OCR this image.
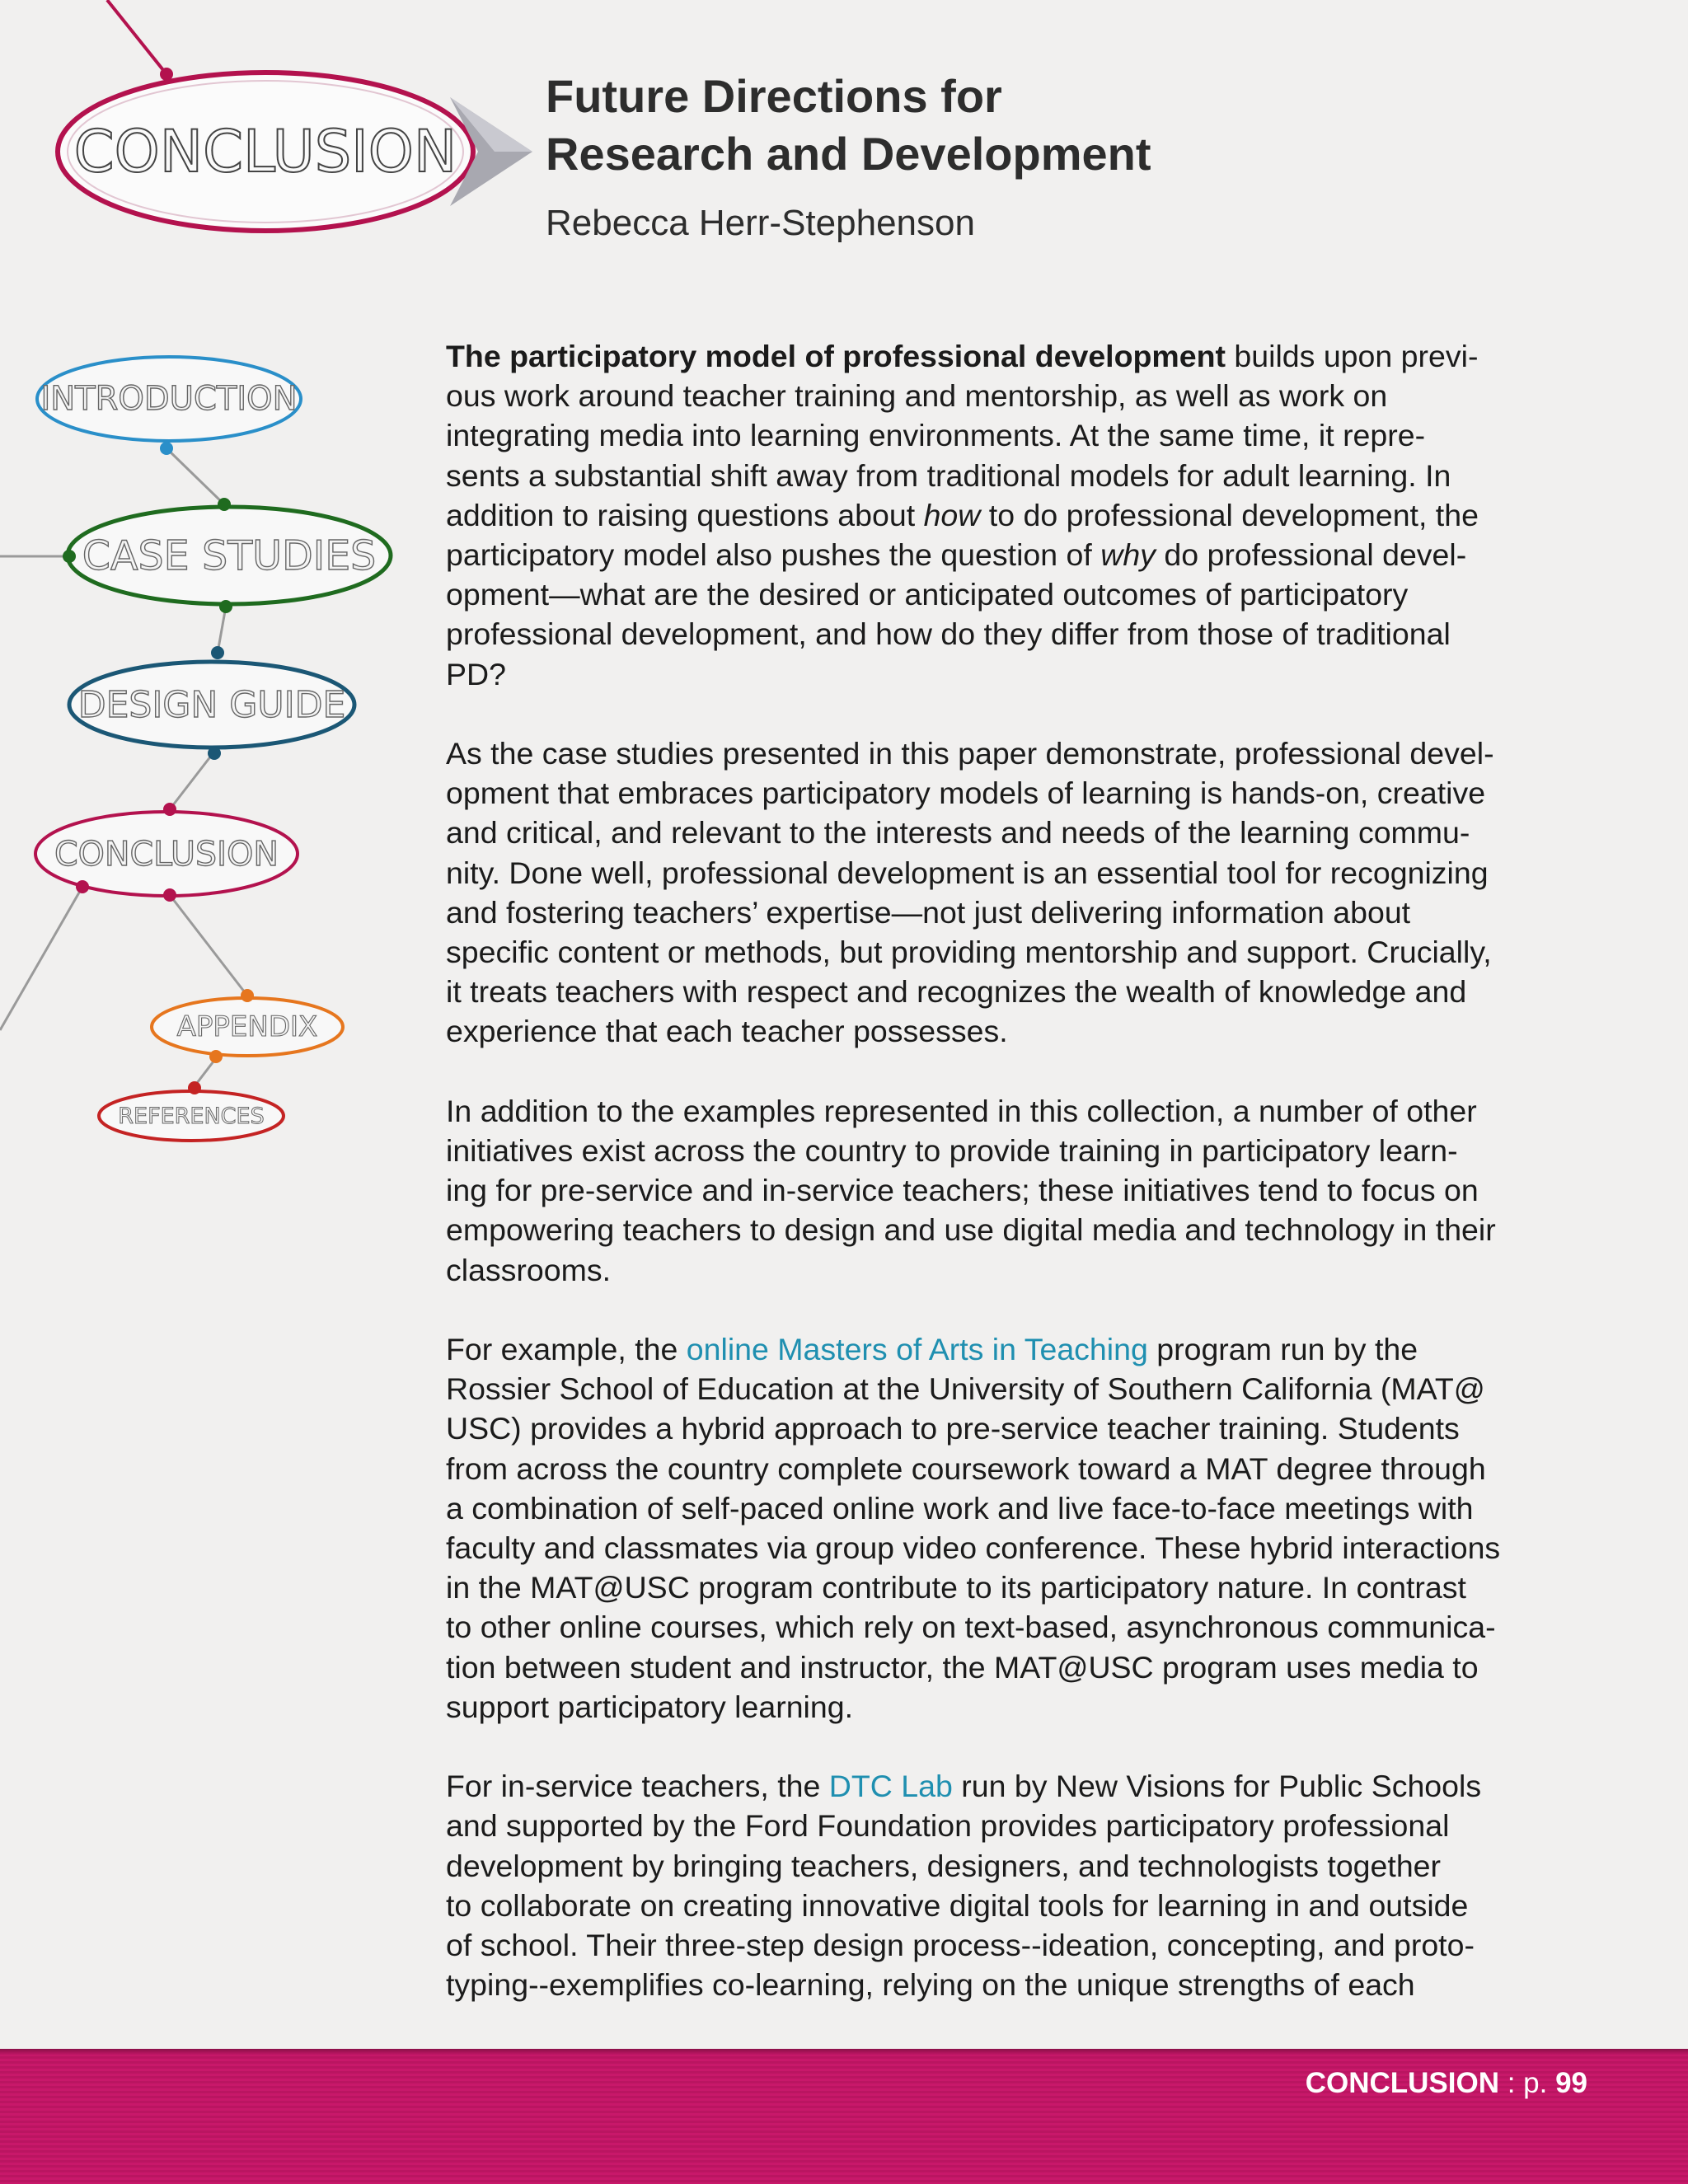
CONCLUSION
INTRODUCTION
CASE STUDIES
DESIGN GUIDE
CONCLUSION
APPENDIX
REFERENCES
Future Directions for
Research and Development

Rebecca Herr-Stephenson

The participatory model of professional development builds upon previ-
ous work around teacher training and mentorship, as well as work on
integrating media into learning environments. At the same time, it repre-
sents a substantial shift away from traditional models for adult learning. In
addition to raising questions about how to do professional development, the
participatory model also pushes the question of why do professional devel-
opment—what are the desired or anticipated outcomes of participatory
professional development, and how do they differ from those of traditional
PD?

As the case studies presented in this paper demonstrate, professional devel-
opment that embraces participatory models of learning is hands-on, creative
and critical, and relevant to the interests and needs of the learning commu-
nity. Done well, professional development is an essential tool for recognizing
and fostering teachers’ expertise—not just delivering information about
specific content or methods, but providing mentorship and support. Crucially,
it treats teachers with respect and recognizes the wealth of knowledge and
experience that each teacher possesses.

In addition to the examples represented in this collection, a number of other
initiatives exist across the country to provide training in participatory learn-
ing for pre-service and in-service teachers; these initiatives tend to focus on
empowering teachers to design and use digital media and technology in their
classrooms.

For example, the online Masters of Arts in Teaching program run by the
Rossier School of Education at the University of Southern California (MAT@
USC) provides a hybrid approach to pre-service teacher training. Students
from across the country complete coursework toward a MAT degree through
a combination of self-paced online work and live face-to-face meetings with
faculty and classmates via group video conference. These hybrid interactions
in the MAT@USC program contribute to its participatory nature. In contrast
to other online courses, which rely on text-based, asynchronous communica-
tion between student and instructor, the MAT@USC program uses media to
support participatory learning.

For in-service teachers, the DTC Lab run by New Visions for Public Schools
and supported by the Ford Foundation provides participatory professional
development by bringing teachers, designers, and technologists together
to collaborate on creating innovative digital tools for learning in and outside
of school. Their three-step design process--ideation, concepting, and proto-
typing--exemplifies co-learning, relying on the unique strengths of each

CONCLUSION : p. 99
